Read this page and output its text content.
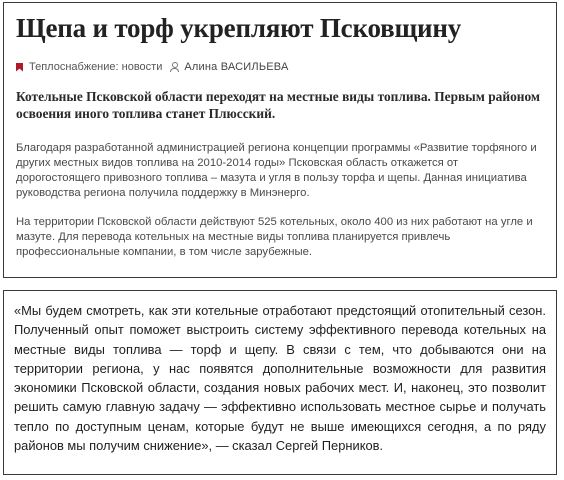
Щепа и торф укрепляют Псковщину
Теплоснабжение: новости Алина ВАСИЛЬЕВА

Котельные Псковской области переходят на местные виды топлива. Первым районом освоения иного топлива станет Плюсский.

Благодаря разработанной администрацией региона концепции программы «Развитие торфяного и других местных видов топлива на 2010-2014 годы» Псковская область откажется от дорогостоящего привозного топлива – мазута и угля в пользу торфа и щепы. Данная инициатива руководства региона получила поддержку в Минэнерго.

На территории Псковской области действуют 525 котельных, около 400 из них работают на угле и мазуте. Для перевода котельных на местные виды топлива планируется привлечь профессиональные компании, в том числе зарубежные.

«Мы будем смотреть, как эти котельные отработают предстоящий отопительный сезон. Полученный опыт поможет выстроить систему эффективного перевода котельных на местные виды топлива — торф и щепу. В связи с тем, что добываются они на территории региона, у нас появятся дополнительные возможности для развития экономики Псковской области, создания новых рабочих мест. И, наконец, это позволит решить самую главную задачу — эффективно использовать местное сырье и получать тепло по доступным ценам, которые будут не выше имеющихся сегодня, а по ряду районов мы получим снижение», — сказал Сергей Перников.
